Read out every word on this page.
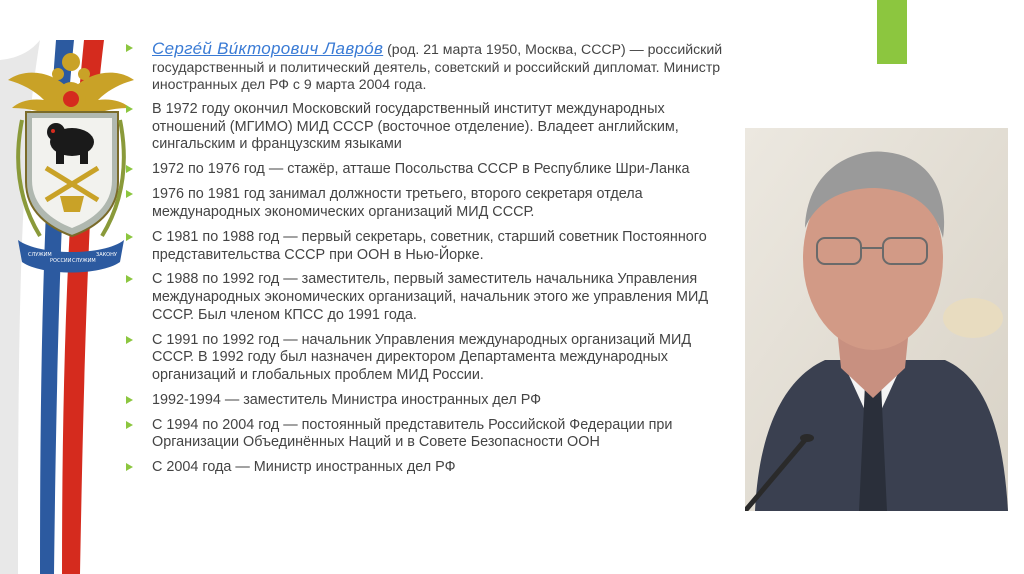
СЛУЖИМ
РОССИИ СЛУЖИМ
ЗАКОНУ
Серге́й Ви́кторович Лавро́в (род. 21 марта 1950, Москва, СССР) — российский государственный и политический деятель, советский и российский дипломат. Министр иностранных дел РФ с 9 марта 2004 года.
В 1972 году окончил Московский государственный институт международных отношений (МГИМО) МИД СССР (восточное отделение). Владеет английским, сингальским и французским языками
1972 по 1976 год — стажёр, атташе Посольства СССР в Республике Шри-Ланка
1976 по 1981 год занимал должности третьего, второго секретаря отдела международных экономических организаций МИД СССР.
С 1981 по 1988 год — первый секретарь, советник, старший советник Постоянного представительства СССР при ООН в Нью-Йорке.
С 1988 по 1992 год — заместитель, первый заместитель начальника Управления международных экономических организаций, начальник этого же управления МИД СССР. Был членом КПСС до 1991 года.
С 1991 по 1992 год — начальник Управления международных организаций МИД СССР. В 1992 году был назначен директором Департамента международных организаций и глобальных проблем МИД России.
1992-1994 — заместитель Министра иностранных дел РФ
С 1994 по 2004 год — постоянный представитель Российской Федерации при Организации Объединённых Наций и в Совете Безопасности ООН
С 2004 года — Министр иностранных дел РФ
